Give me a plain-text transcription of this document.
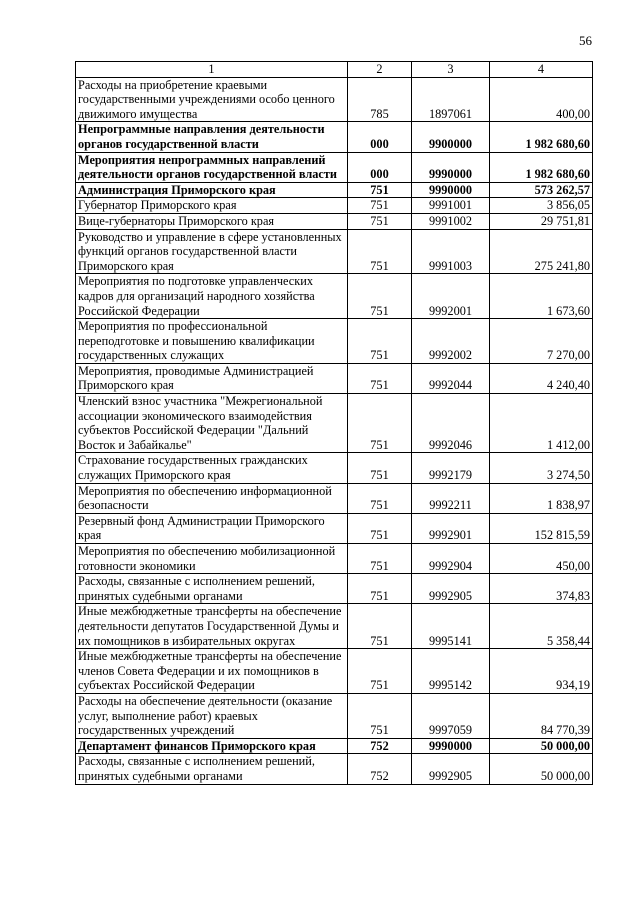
56
1	2	3	4
Расходы на приобретение краевыми государственными учреждениями особо ценного движимого имущества	785	1897061	400,00
Непрограммные направления деятельности органов государственной власти	000	9900000	1 982 680,60
Мероприятия непрограммных направлений деятельности органов государственной власти	000	9990000	1 982 680,60
Администрация Приморского края	751	9990000	573 262,57
Губернатор Приморского края	751	9991001	3 856,05
Вице-губернаторы Приморского края	751	9991002	29 751,81
Руководство и управление в сфере установленных функций органов государственной власти Приморского края	751	9991003	275 241,80
Мероприятия по подготовке управленческих кадров для организаций народного хозяйства Российской Федерации	751	9992001	1 673,60
Мероприятия по профессиональной переподготовке и повышению квалификации государственных служащих	751	9992002	7 270,00
Мероприятия, проводимые Администрацией Приморского края	751	9992044	4 240,40
Членский взнос участника "Межрегиональной ассоциации экономического взаимодействия субъектов Российской Федерации "Дальний Восток и Забайкалье"	751	9992046	1 412,00
Страхование государственных гражданских служащих Приморского края	751	9992179	3 274,50
Мероприятия по обеспечению информационной безопасности	751	9992211	1 838,97
Резервный фонд Администрации Приморского края	751	9992901	152 815,59
Мероприятия по обеспечению мобилизационной готовности экономики	751	9992904	450,00
Расходы, связанные с исполнением решений, принятых судебными органами	751	9992905	374,83
Иные межбюджетные трансферты на обеспечение деятельности депутатов Государственной Думы и их помощников в избирательных округах	751	9995141	5 358,44
Иные межбюджетные трансферты на обеспечение членов Совета Федерации и их помощников в субъектах Российской Федерации	751	9995142	934,19
Расходы на обеспечение деятельности (оказание услуг, выполнение работ) краевых государственных учреждений	751	9997059	84 770,39
Департамент финансов Приморского края	752	9990000	50 000,00
Расходы, связанные с исполнением решений, принятых судебными органами	752	9992905	50 000,00
